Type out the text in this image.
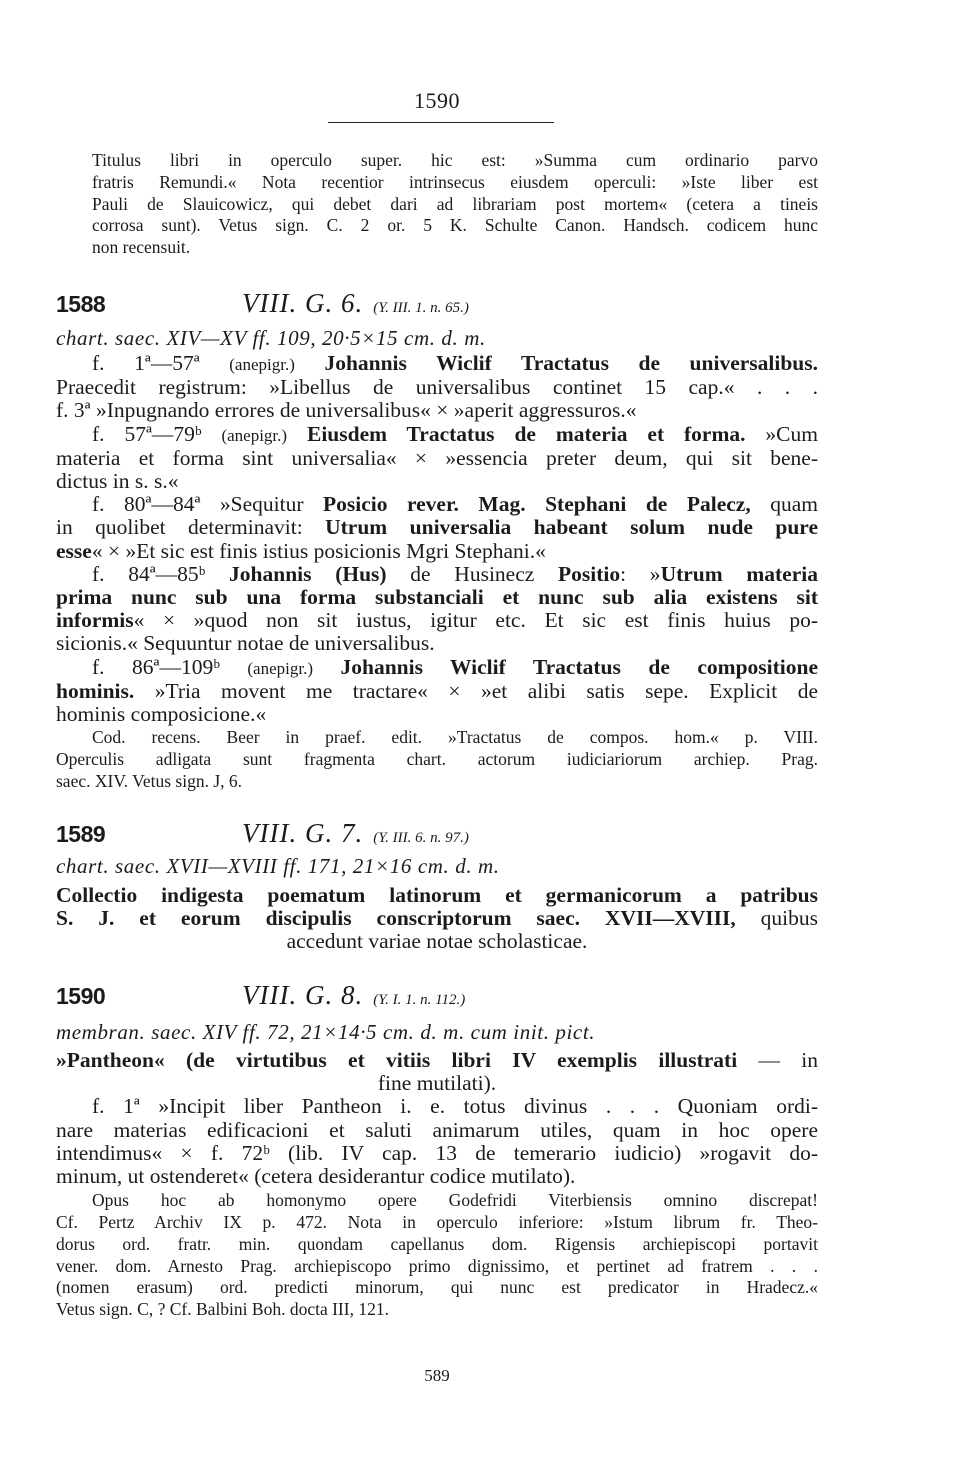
1590

Titulus libri in operculo super. hic est: »Summa cum ordinario parvo
fratris Remundi.« Nota recentior intrinsecus eiusdem operculi: »Iste liber est
Pauli de Slauicowicz, qui debet dari ad librariam post mortem« (cetera a tineis
corrosa sunt). Vetus sign. C. 2 or. 5 K. Schulte Canon. Handsch. codicem hunc
non recensuit.

1588	VIII. G. 6. (Y. III. 1. n. 65.)
chart. saec. XIV—XV ff. 109, 20·5×15 cm. d. m.

f. 1ª—57ª (anepigr.) Johannis Wiclif Tractatus de universalibus.
Praecedit registrum: »Libellus de universalibus continet 15 cap.« . . .
f. 3ª »Inpugnando errores de universalibus« × »aperit aggressuros.«
f. 57ª—79ᵇ (anepigr.) Eiusdem Tractatus de materia et forma. »Cum
materia et forma sint universalia« × »essencia preter deum, qui sit bene-
dictus in s. s.«
f. 80ª—84ª »Sequitur Posicio rever. Mag. Stephani de Palecz, quam
in quolibet determinavit: Utrum universalia habeant solum nude pure
esse« × »Et sic est finis istius posicionis Mgri Stephani.«
f. 84ª—85ᵇ Johannis (Hus) de Husinecz Positio: »Utrum materia
prima nunc sub una forma substanciali et nunc sub alia existens sit
informis« × »quod non sit iustus, igitur etc. Et sic est finis huius po-
sicionis.« Sequuntur notae de universalibus.
f. 86ª—109ᵇ (anepigr.) Johannis Wiclif Tractatus de compositione
hominis. »Tria movent me tractare« × »et alibi satis sepe. Explicit de
hominis composicione.«

Cod. recens. Beer in praef. edit. »Tractatus de compos. hom.« p. VIII.
Operculis adligata sunt fragmenta chart. actorum iudiciariorum archiep. Prag.
saec. XIV. Vetus sign. J, 6.

1589	VIII. G. 7. (Y. III. 6. n. 97.)
chart. saec. XVII—XVIII ff. 171, 21×16 cm. d. m.

Collectio indigesta poematum latinorum et germanicorum a patribus
S. J. et eorum discipulis conscriptorum saec. XVII—XVIII, quibus
accedunt variae notae scholasticae.

1590	VIII. G. 8. (Y. I. 1. n. 112.)
membran. saec. XIV ff. 72, 21×14·5 cm. d. m. cum init. pict.

»Pantheon« (de virtutibus et vitiis libri IV exemplis illustrati — in
fine mutilati).
f. 1ª »Incipit liber Pantheon i. e. totus divinus . . . Quoniam ordi-
nare materias edificacioni et saluti animarum utiles, quam in hoc opere
intendimus« × f. 72ᵇ (lib. IV cap. 13 de temerario iudicio) »rogavit do-
minum, ut ostenderet« (cetera desiderantur codice mutilato).

Opus hoc ab homonymo opere Godefridi Viterbiensis omnino discrepat!
Cf. Pertz Archiv IX p. 472. Nota in operculo inferiore: »Istum librum fr. Theo-
dorus ord. fratr. min. quondam capellanus dom. Rigensis archiepiscopi portavit
vener. dom. Arnesto Prag. archiepiscopo primo dignissimo, et pertinet ad fratrem . . .
(nomen erasum) ord. predicti minorum, qui nunc est predicator in Hradecz.«
Vetus sign. C, ? Cf. Balbini Boh. docta III, 121.

589
